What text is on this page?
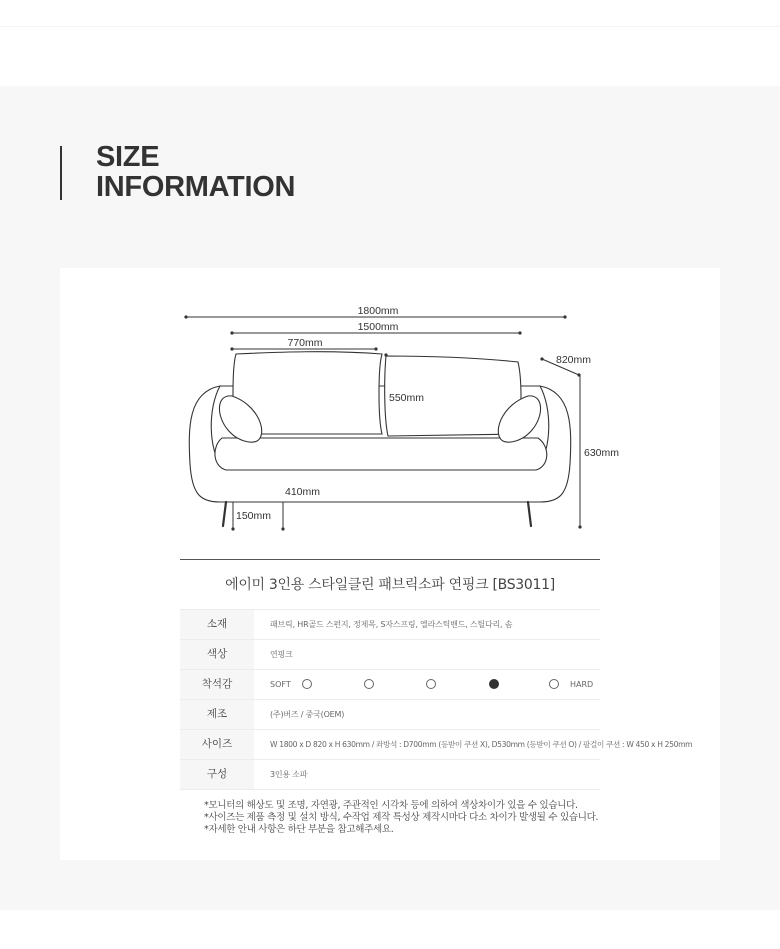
SIZE
INFORMATION
1800mm
1500mm
770mm
820mm
550mm
630mm
410mm
150mm
에이미 3인용 스타일클린 패브릭소파 연핑크 [BS3011]
소재	패브릭, HR골드 스펀지, 정제목, S자스프링, 엘라스틱밴드, 스틸다리, 솜
색상	연핑크
착석감	SOFT	HARD
제조	(주)버즈 / 중국(OEM)
사이즈	W 1800 x D 820 x H 630mm / 좌방석 : D700mm (등받이 쿠션 X), D530mm (등받이 쿠션 O) / 팔걸이 쿠션 : W 450 x H 250mm
구성	3인용 소파
*모니터의 해상도 및 조명, 자연광, 주관적인 시각차 등에 의하여 색상차이가 있을 수 있습니다.
*사이즈는 제품 측정 및 설치 방식, 수작업 제작 특성상 제작시마다 다소 차이가 발생될 수 있습니다.
*자세한 안내 사항은 하단 부분을 참고해주세요.
